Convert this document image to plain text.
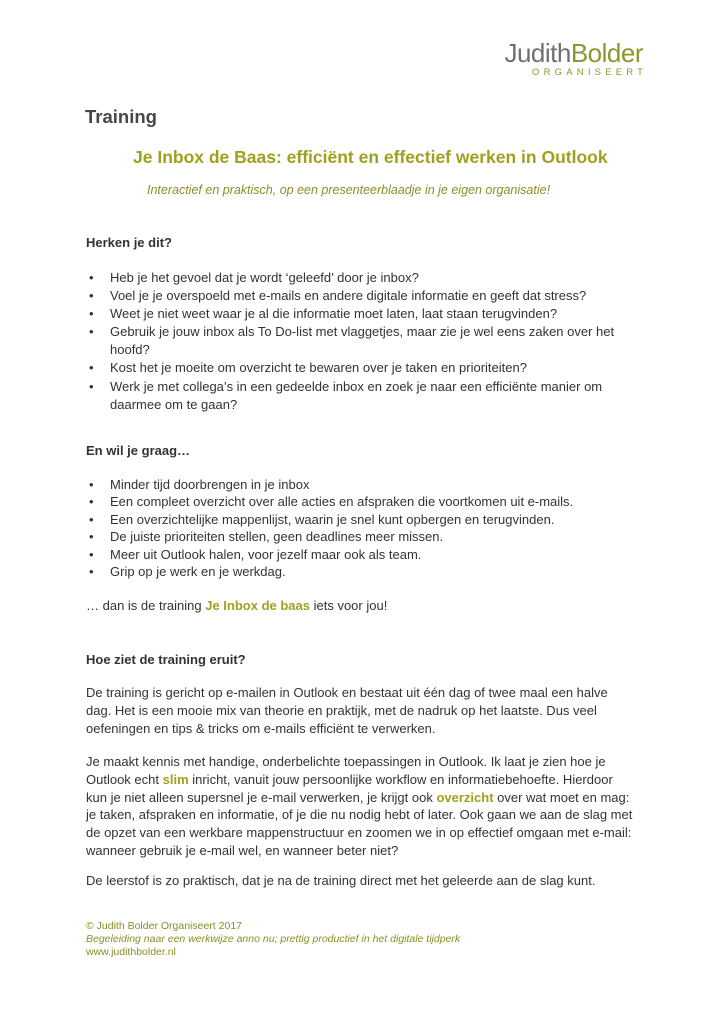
JudithBolder
ORGANISEERT
Training
Je Inbox de Baas: efficiënt en effectief werken in Outlook

Interactief en praktisch, op een presenteerblaadje in je eigen organisatie!

Herken je dit?
• Heb je het gevoel dat je wordt ‘geleefd’ door je inbox?
• Voel je je overspoeld met e-mails en andere digitale informatie en geeft dat stress?
• Weet je niet weet waar je al die informatie moet laten, laat staan terugvinden?
• Gebruik je jouw inbox als To Do-list met vlaggetjes, maar zie je wel eens zaken over het hoofd?
• Kost het je moeite om overzicht te bewaren over je taken en prioriteiten?
• Werk je met collega’s in een gedeelde inbox en zoek je naar een efficiënte manier om daarmee om te gaan?
En wil je graag…
• Minder tijd doorbrengen in je inbox
• Een compleet overzicht over alle acties en afspraken die voortkomen uit e-mails.
• Een overzichtelijke mappenlijst, waarin je snel kunt opbergen en terugvinden.
• De juiste prioriteiten stellen, geen deadlines meer missen.
• Meer uit Outlook halen, voor jezelf maar ook als team.
• Grip op je werk en je werkdag.

… dan is de training Je Inbox de baas iets voor jou!

Hoe ziet de training eruit?

De training is gericht op e-mailen in Outlook en bestaat uit één dag of twee maal een halve dag. Het is een mooie mix van theorie en praktijk, met de nadruk op het laatste. Dus veel oefeningen en tips & tricks om e-mails efficiënt te verwerken.

Je maakt kennis met handige, onderbelichte toepassingen in Outlook. Ik laat je zien hoe je Outlook echt slim inricht, vanuit jouw persoonlijke workflow en informatiebehoefte. Hierdoor kun je niet alleen supersnel je e-mail verwerken, je krijgt ook overzicht over wat moet en mag: je taken, afspraken en informatie, of je die nu nodig hebt of later. Ook gaan we aan de slag met de opzet van een werkbare mappenstructuur en zoomen we in op effectief omgaan met e-mail: wanneer gebruik je e-mail wel, en wanneer beter niet?

De leerstof is zo praktisch, dat je na de training direct met het geleerde aan de slag kunt.

© Judith Bolder Organiseert 2017
Begeleiding naar een werkwijze anno nu; prettig productief in het digitale tijdperk
www.judithbolder.nl
